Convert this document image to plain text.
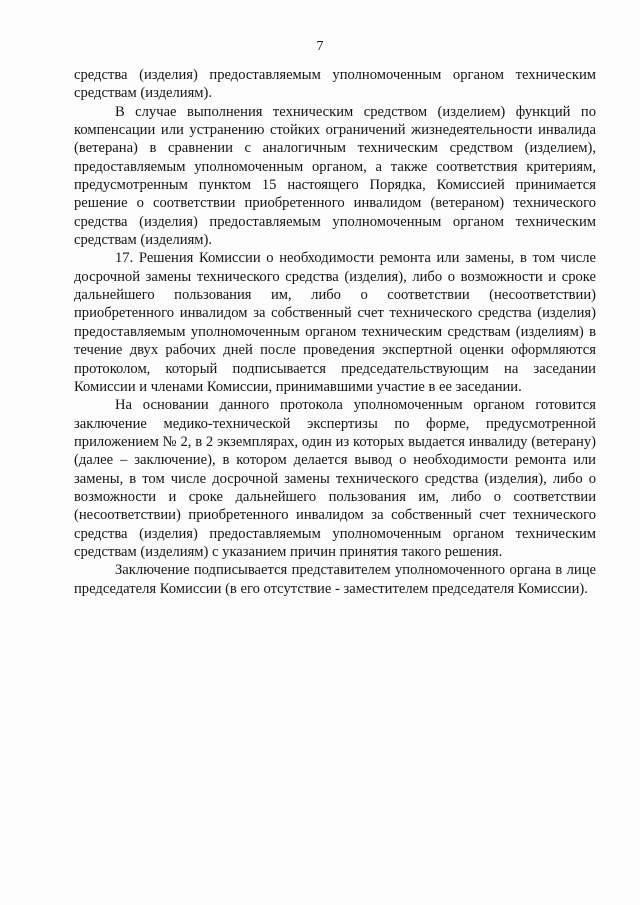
7

средства (изделия) предоставляемым уполномоченным органом техническим средствам (изделиям).

В случае выполнения техническим средством (изделием) функций по компенсации или устранению стойких ограничений жизнедеятельности инвалида (ветерана) в сравнении с аналогичным техническим средством (изделием), предоставляемым уполномоченным органом, а также соответствия критериям, предусмотренным пунктом 15 настоящего Порядка, Комиссией принимается решение о соответствии приобретенного инвалидом (ветераном) технического средства (изделия) предоставляемым уполномоченным органом техническим средствам (изделиям).

17. Решения Комиссии о необходимости ремонта или замены, в том числе досрочной замены технического средства (изделия), либо о возможности и сроке дальнейшего пользования им, либо о соответствии (несоответствии) приобретенного инвалидом за собственный счет технического средства (изделия) предоставляемым уполномоченным органом техническим средствам (изделиям) в течение двух рабочих дней после проведения экспертной оценки оформляются протоколом, который подписывается председательствующим на заседании Комиссии и членами Комиссии, принимавшими участие в ее заседании.

На основании данного протокола уполномоченным органом готовится заключение медико-технической экспертизы по форме, предусмотренной приложением № 2, в 2 экземплярах, один из которых выдается инвалиду (ветерану) (далее – заключение), в котором делается вывод о необходимости ремонта или замены, в том числе досрочной замены технического средства (изделия), либо о возможности и сроке дальнейшего пользования им, либо о соответствии (несоответствии) приобретенного инвалидом за собственный счет технического средства (изделия) предоставляемым уполномоченным органом техническим средствам (изделиям) с указанием причин принятия такого решения.

Заключение подписывается представителем уполномоченного органа в лице председателя Комиссии (в его отсутствие - заместителем председателя Комиссии).
